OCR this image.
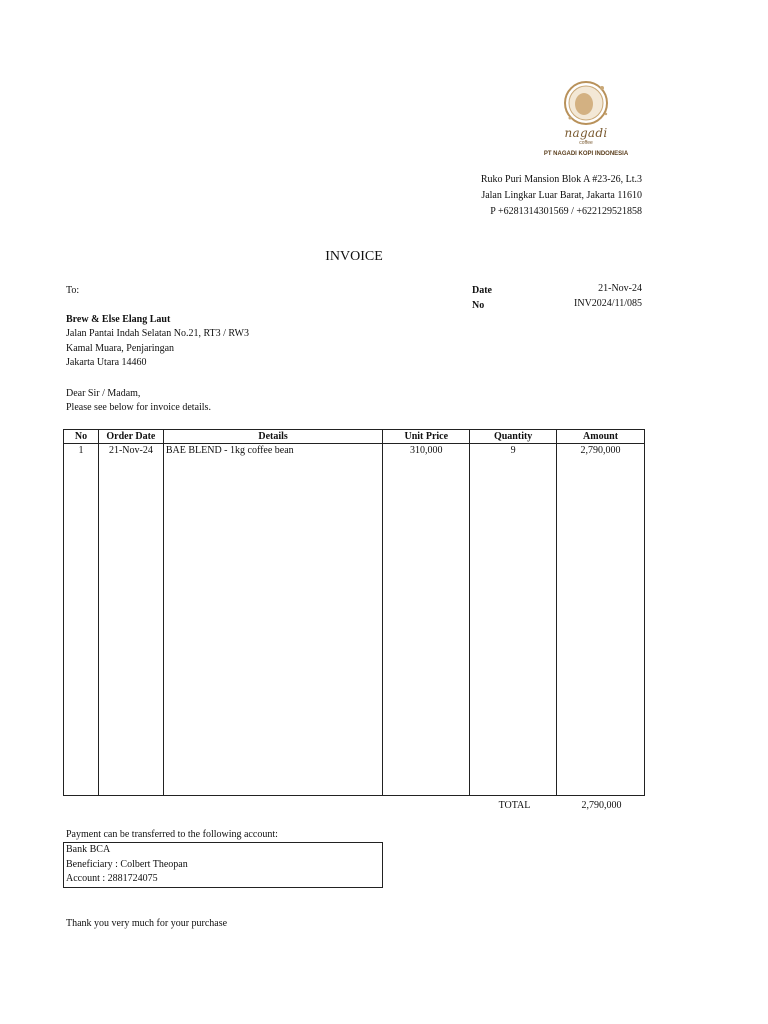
nagadi
coffee
PT NAGADI KOPI INDONESIA
Ruko Puri Mansion Blok A #23-26, Lt.3
Jalan Lingkar Luar Barat, Jakarta 11610
P +6281314301569 / +622129521858
INVOICE
To:
Brew & Else Elang Laut
Jalan Pantai Indah Selatan No.21, RT3 / RW3
Kamal Muara, Penjaringan
Jakarta Utara 14460
Date	21-Nov-24
No	INV2024/11/085
Dear Sir / Madam,
Please see below for invoice details.
No	Order Date	Details	Unit Price	Quantity	Amount
1	21-Nov-24	BAE BLEND - 1kg coffee bean	310,000	9	2,790,000

TOTAL	2,790,000
Payment can be transferred to the following account:
Bank BCA
Beneficiary : Colbert Theopan
Account : 2881724075
Thank you very much for your purchase
